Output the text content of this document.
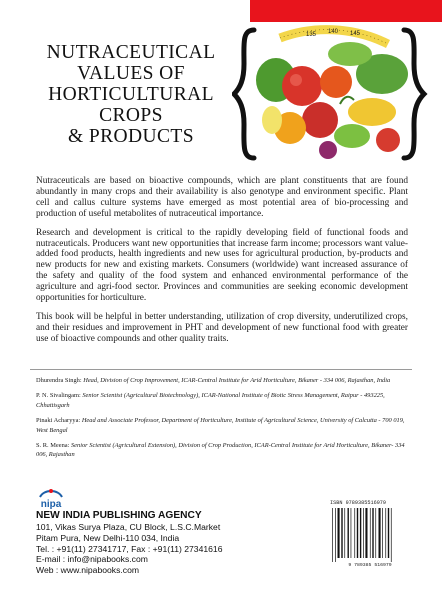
NUTRACEUTICAL
VALUES OF
HORTICULTURAL
CROPS
& PRODUCTS
135 140 145

Nutraceuticals are based on bioactive compounds, which are plant constituents that are found abundantly in many crops and their availability is also genotype and environment specific. Plant cell and callus culture systems have emerged as most potential area of bio-processing and production of useful metabolites of nutraceutical importance.

Research and development is critical to the rapidly developing field of functional foods and nutraceuticals. Producers want new opportunities that increase farm income; processors want value-added food products, health ingredients and new uses for agricultural production, by-products and new products for new and existing markets. Consumers (worldwide) want increased assurance of the safety and quality of the food system and enhanced environmental performance of the agriculture and agri-food sector. Provinces and communities are seeking economic development opportunities for horticulture.

This book will be helpful in better understanding, utilization of crop diversity, underutilized crops, and their residues and improvement in PHT and development of new functional food with greater use of bioactive compounds and other quality traits.

Dhurendra Singh: Head, Division of Crop Improvement, ICAR-Central Institute for Arid Horticulture, Bikaner - 334 006, Rajasthan, India
P. N. Sivalingam: Senior Scientist (Agricultural Biotechnology), ICAR-National Institute of Biotic Stress Management, Raipur - 493225, Chhattisgarh
Pinaki Acharyya: Head and Associate Professor, Department of Horticulture, Institute of Agricultural Science, University of Calcutta - 700 019, West Bengal
S. R. Meena: Senior Scientist (Agricultural Extension), Division of Crop Production, ICAR-Central Institute for Arid Horticulture, Bikaner- 334 006, Rajasthan
nipa
NEW INDIA PUBLISHING AGENCY
101, Vikas Surya Plaza, CU Block, L.S.C.Market
Pitam Pura, New Delhi-110 034, India
Tel. : +91(11) 27341717, Fax : +91(11) 27341616
E-mail : info@nipabooks.com
Web : www.nipabooks.com
ISBN 9789385516979
9 789385 516979
